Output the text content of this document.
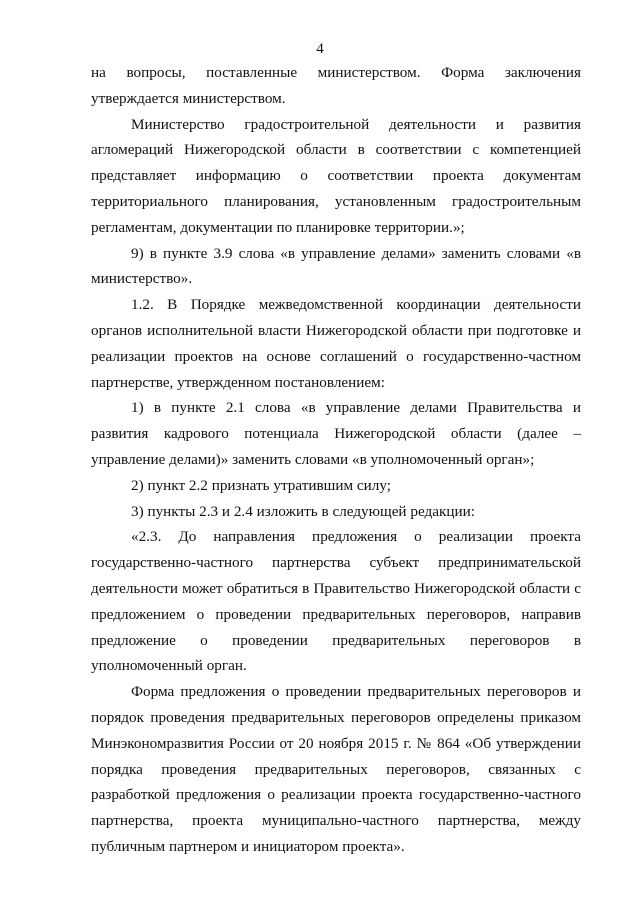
4

на вопросы, поставленные министерством. Форма заключения утверждается министерством.

Министерство градостроительной деятельности и развития агломераций Нижегородской области в соответствии с компетенцией представляет информацию о соответствии проекта документам территориального планирования, установленным градостроительным регламентам, документации по планировке территории.»;

9) в пункте 3.9 слова «в управление делами» заменить словами «в министерство».

1.2. В Порядке межведомственной координации деятельности органов исполнительной власти Нижегородской области при подготовке и реализации проектов на основе соглашений о государственно-частном партнерстве, утвержденном постановлением:

1) в пункте 2.1 слова «в управление делами Правительства и развития кадрового потенциала Нижегородской области (далее – управление делами)» заменить словами «в уполномоченный орган»;

2) пункт 2.2 признать утратившим силу;

3) пункты 2.3 и 2.4 изложить в следующей редакции:

«2.3. До направления предложения о реализации проекта государственно-частного партнерства субъект предпринимательской деятельности может обратиться в Правительство Нижегородской области с предложением о проведении предварительных переговоров, направив предложение о проведении предварительных переговоров в уполномоченный орган.

Форма предложения о проведении предварительных переговоров и порядок проведения предварительных переговоров определены приказом Минэкономразвития России от 20 ноября 2015 г. № 864 «Об утверждении порядка проведения предварительных переговоров, связанных с разработкой предложения о реализации проекта государственно-частного партнерства, проекта муниципально-частного партнерства, между публичным партнером и инициатором проекта».
